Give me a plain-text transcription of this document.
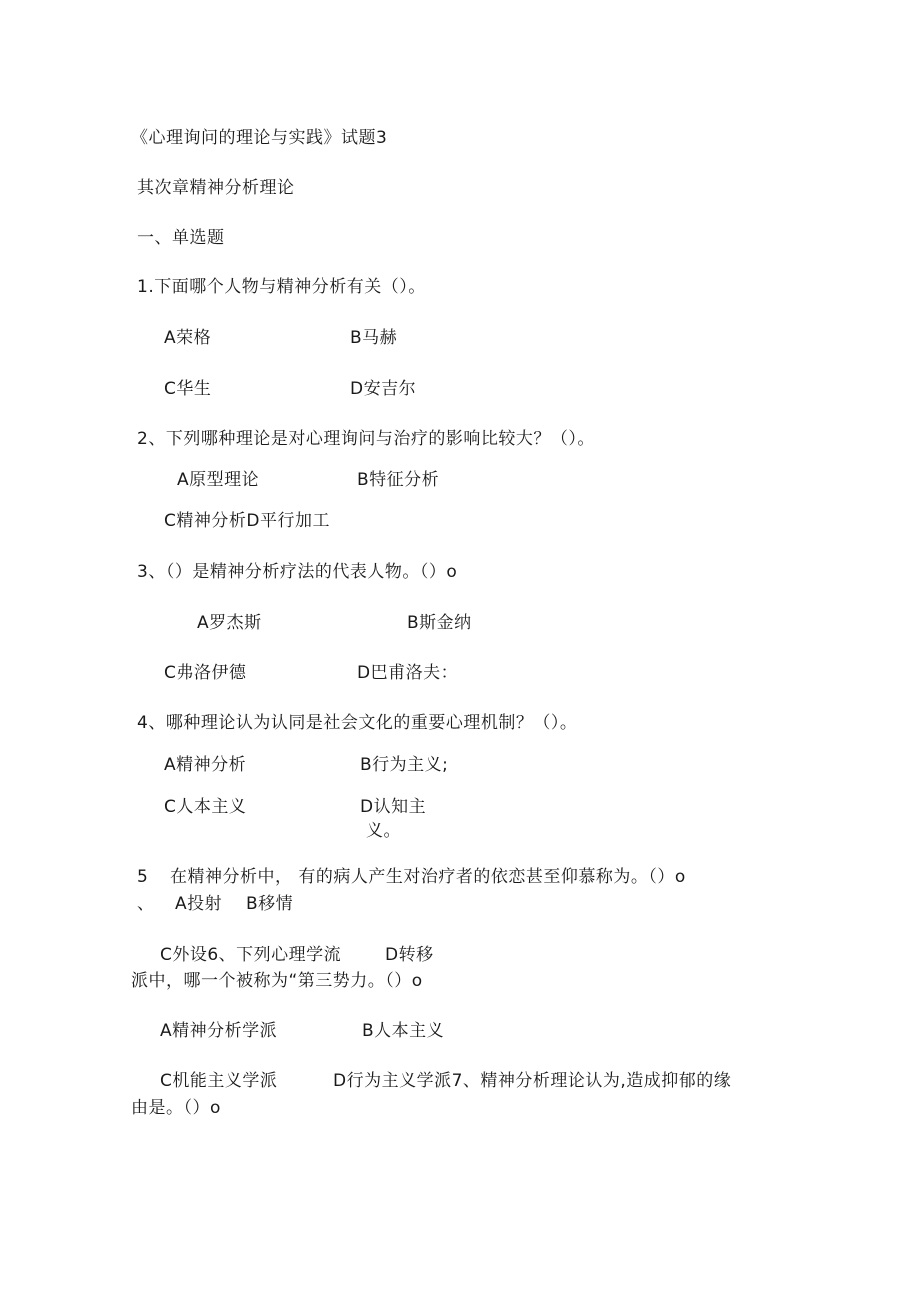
《心理询问的理论与实践》试题3
其次章精神分析理论
一、单选题
1.下面哪个人物与精神分析有关（）。
A荣格	B马赫
C华生	D安吉尔
2、下列哪种理论是对心理询问与治疗的影响比较大？（）。
A原型理论	B特征分析
C精神分析D平行加工
3、（）是精神分析疗法的代表人物。（）o
A罗杰斯	B斯金纳
C弗洛伊德	D巴甫洛夫：
4、哪种理论认为认同是社会文化的重要心理机制？（）。
A精神分析	B行为主义;
C人本主义	D认知主
义。
5 在精神分析中， 有的病人产生对治疗者的依恋甚至仰慕称为。（）o
、 A投射 B移情
C外设6、下列心理学流	D转移
派中，哪一个被称为“第三势力。（）o
A精神分析学派	B人本主义
C机能主义学派	D行为主义学派7、精神分析理论认为,造成抑郁的缘
由是。（）o
